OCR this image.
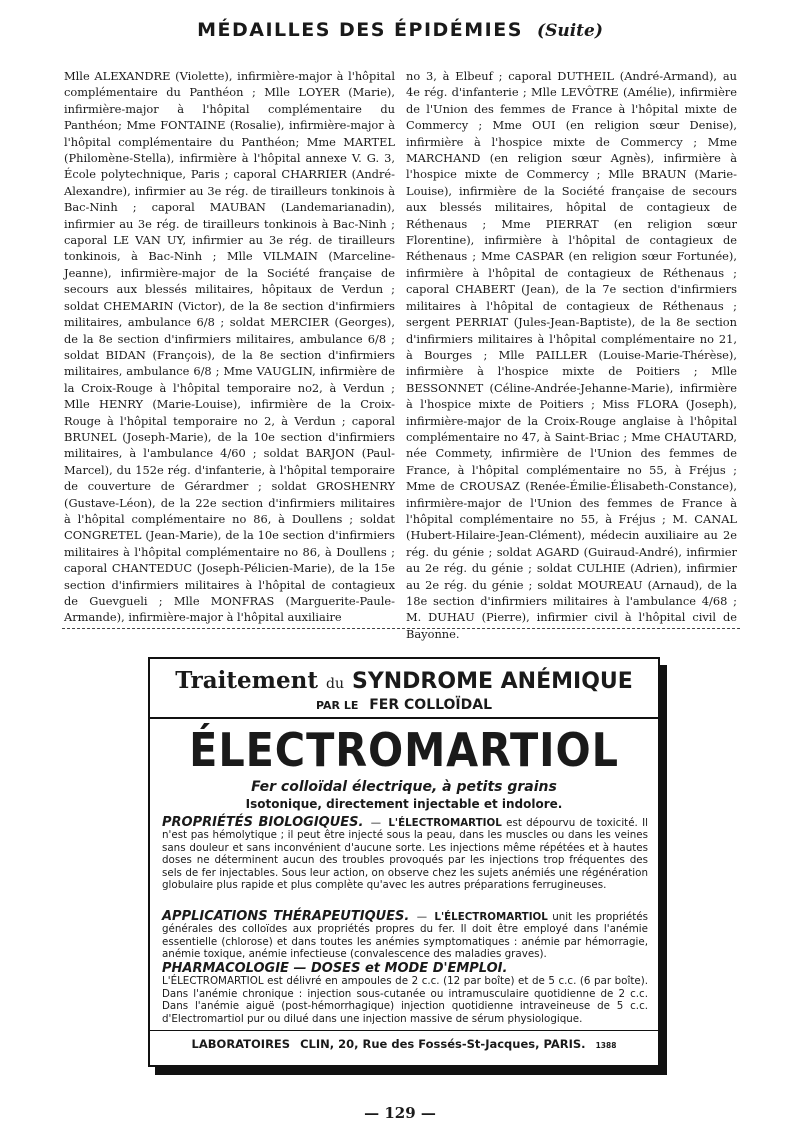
MÉDAILLES DES ÉPIDÉMIES (Suite)

Mlle ALEXANDRE (Violette), infirmière-major à l'hôpital complémentaire du Panthéon ; Mlle LOYER (Marie), infirmière-major à l'hôpital complémentaire du Panthéon; Mme FONTAINE (Rosalie), infirmière-major à l'hôpital complémentaire du Panthéon; Mme MARTEL (Philomène-Stella), infirmière à l'hôpital annexe V. G. 3, École polytechnique, Paris ; caporal CHARRIER (André-Alexandre), infirmier au 3e rég. de tirailleurs tonkinois à Bac-Ninh ; caporal MAUBAN (Landemarianadin), infirmier au 3e rég. de tirailleurs tonkinois à Bac-Ninh ; caporal LE VAN UY, infirmier au 3e rég. de tirailleurs tonkinois, à Bac-Ninh ; Mlle VILMAIN (Marceline-Jeanne), infirmière-major de la Société française de secours aux blessés militaires, hôpitaux de Verdun ; soldat CHEMARIN (Victor), de la 8e section d'infirmiers militaires, ambulance 6/8 ; soldat MERCIER (Georges), de la 8e section d'infirmiers militaires, ambulance 6/8 ; soldat BIDAN (François), de la 8e section d'infirmiers militaires, ambulance 6/8 ; Mme VAUGLIN, infirmière de la Croix-Rouge à l'hôpital temporaire no2, à Verdun ; Mlle HENRY (Marie-Louise), infirmière de la Croix-Rouge à l'hôpital temporaire no 2, à Verdun ; caporal BRUNEL (Joseph-Marie), de la 10e section d'infirmiers militaires, à l'ambulance 4/60 ; soldat BARJON (Paul-Marcel), du 152e rég. d'infanterie, à l'hôpital temporaire de couverture de Gérardmer ; soldat GROSHENRY (Gustave-Léon), de la 22e section d'infirmiers militaires à l'hôpital complémentaire no 86, à Doullens ; soldat CONGRETEL (Jean-Marie), de la 10e section d'infirmiers militaires à l'hôpital complémentaire no 86, à Doullens ; caporal CHANTEDUC (Joseph-Pélicien-Marie), de la 15e section d'infirmiers militaires à l'hôpital de contagieux de Guevgueli ; Mlle MONFRAS (Marguerite-Paule-Armande), infirmière-major à l'hôpital auxiliaire

no 3, à Elbeuf ; caporal DUTHEIL (André-Armand), au 4e rég. d'infanterie ; Mlle LEVÔTRE (Amélie), infirmière de l'Union des femmes de France à l'hôpital mixte de Commercy ; Mme OUI (en religion sœur Denise), infirmière à l'hospice mixte de Commercy ; Mme MARCHAND (en religion sœur Agnès), infirmière à l'hospice mixte de Commercy ; Mlle BRAUN (Marie-Louise), infirmière de la Société française de secours aux blessés militaires, hôpital de contagieux de Réthenaus ; Mme PIERRAT (en religion sœur Florentine), infirmière à l'hôpital de contagieux de Réthenaus ; Mme CASPAR (en religion sœur Fortunée), infirmière à l'hôpital de contagieux de Réthenaus ; caporal CHABERT (Jean), de la 7e section d'infirmiers militaires à l'hôpital de contagieux de Réthenaus ; sergent PERRIAT (Jules-Jean-Baptiste), de la 8e section d'infirmiers militaires à l'hôpital complémentaire no 21, à Bourges ; Mlle PAILLER (Louise-Marie-Thérèse), infirmière à l'hospice mixte de Poitiers ; Mlle BESSONNET (Céline-Andrée-Jehanne-Marie), infirmière à l'hospice mixte de Poitiers ; Miss FLORA (Joseph), infirmière-major de la Croix-Rouge anglaise à l'hôpital complémentaire no 47, à Saint-Briac ; Mme CHAUTARD, née Commety, infirmière de l'Union des femmes de France, à l'hôpital complémentaire no 55, à Fréjus ; Mme de CROUSAZ (Renée-Émilie-Élisabeth-Constance), infirmière-major de l'Union des femmes de France à l'hôpital complémentaire no 55, à Fréjus ; M. CANAL (Hubert-Hilaire-Jean-Clément), médecin auxiliaire au 2e rég. du génie ; soldat AGARD (Guiraud-André), infirmier au 2e rég. du génie ; soldat CULHIE (Adrien), infirmier au 2e rég. du génie ; soldat MOUREAU (Arnaud), de la 18e section d'infirmiers militaires à l'ambulance 4/68 ; M. DUHAU (Pierre), infirmier civil à l'hôpital civil de Bayonne.

Traitement du SYNDROME ANÉMIQUE
PAR LE FER COLLOÏDAL
ÉLECTROMARTIOL
Fer colloïdal électrique, à petits grains
Isotonique, directement injectable et indolore.
PROPRIÉTÉS BIOLOGIQUES. — L'ÉLECTROMARTIOL est dépourvu de toxicité. Il n'est pas hémolytique ; il peut être injecté sous la peau, dans les muscles ou dans les veines sans douleur et sans inconvénient d'aucune sorte. Les injections même répétées et à hautes doses ne déterminent aucun des troubles provoqués par les injections trop fréquentes des sels de fer injectables. Sous leur action, on observe chez les sujets anémiés une régénération globulaire plus rapide et plus complète qu'avec les autres préparations ferrugineuses.
APPLICATIONS THÉRAPEUTIQUES. — L'ÉLECTROMARTIOL unit les propriétés générales des colloïdes aux propriétés propres du fer. Il doit être employé dans l'anémie essentielle (chlorose) et dans toutes les anémies symptomatiques : anémie par hémorragie, anémie toxique, anémie infectieuse (convalescence des maladies graves).
PHARMACOLOGIE — DOSES et MODE D'EMPLOI.
L'ÉLECTROMARTIOL est délivré en ampoules de 2 c.c. (12 par boîte) et de 5 c.c. (6 par boîte). Dans l'anémie chronique : injection sous-cutanée ou intramusculaire quotidienne de 2 c.c. Dans l'anémie aiguë (post-hémorrhagique) injection quotidienne intraveineuse de 5 c.c. d'Electromartiol pur ou dilué dans une injection massive de sérum physiologique.
LABORATOIRES CLIN, 20, Rue des Fossés-St-Jacques, PARIS. 1388
— 129 —
